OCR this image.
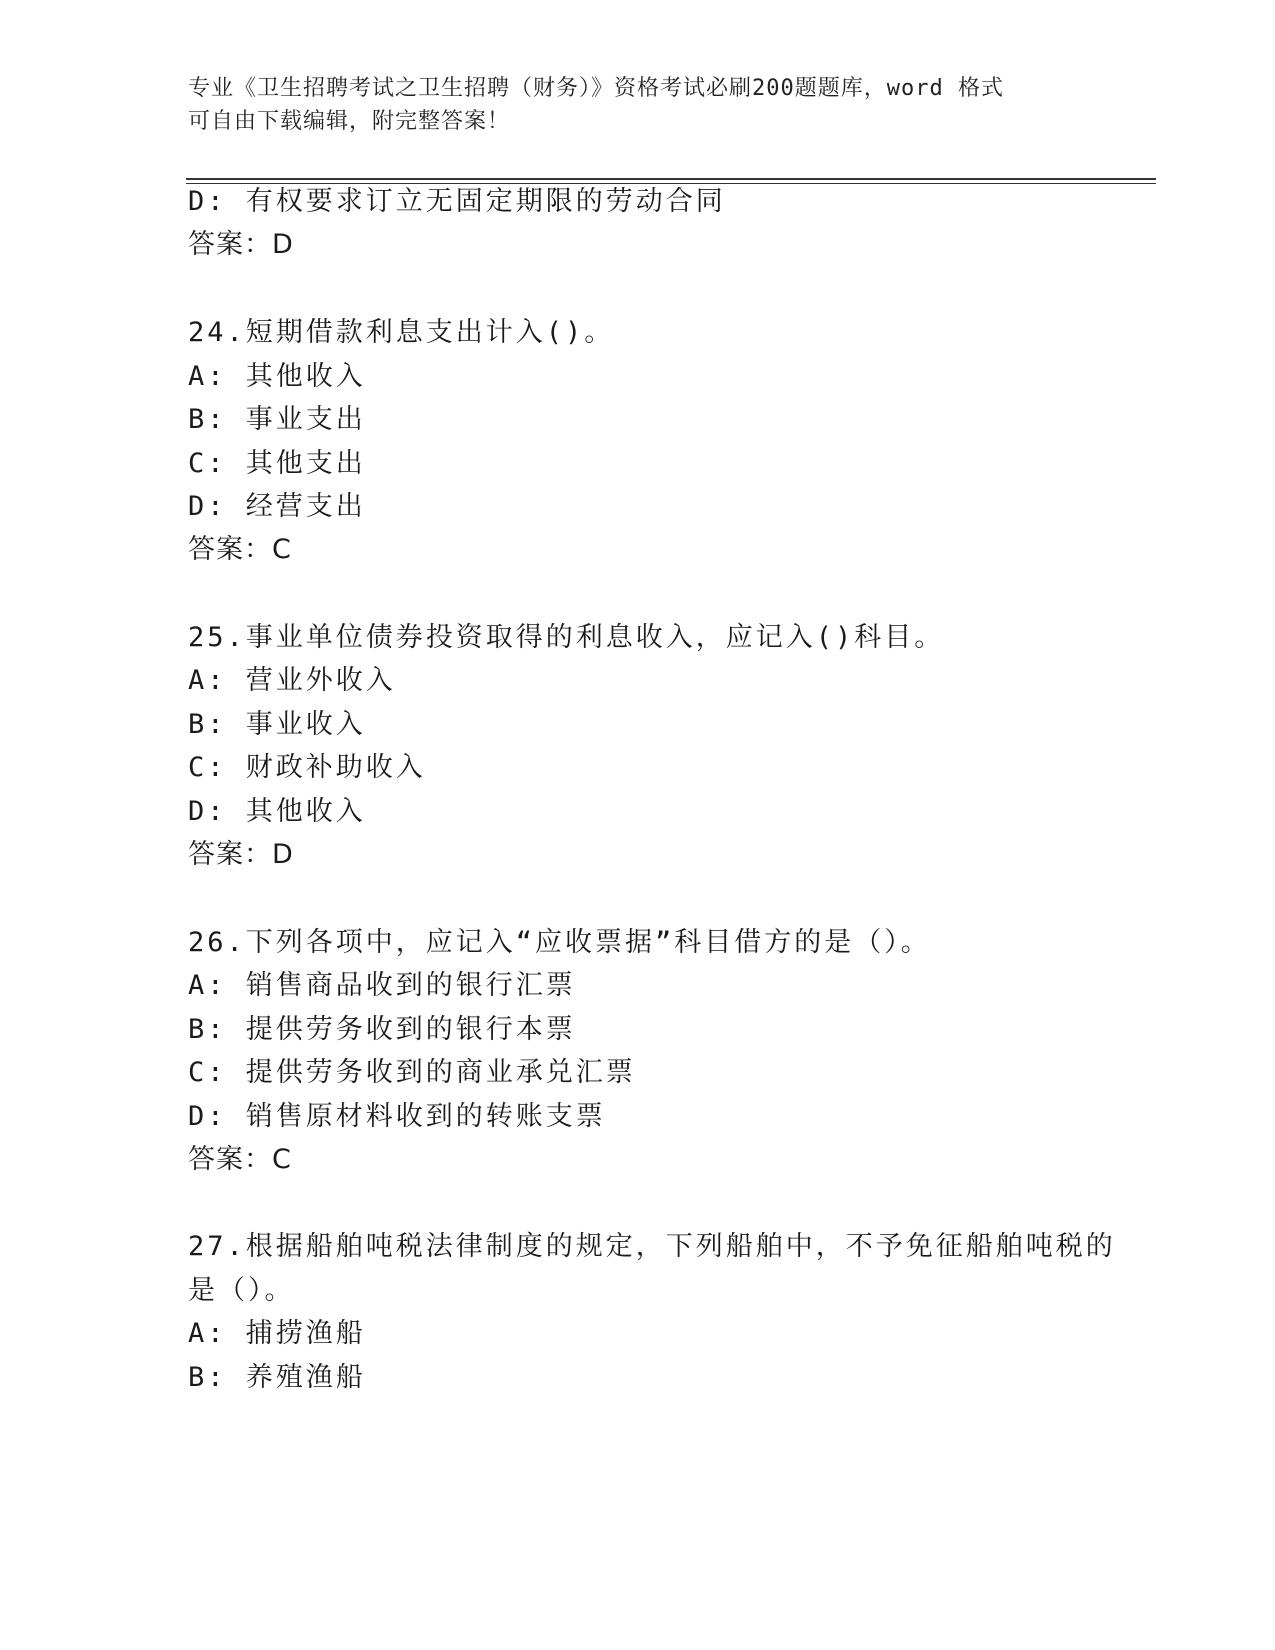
专业《卫生招聘考试之卫生招聘（财务）》资格考试必刷200题题库，word 格式
可自由下载编辑，附完整答案！
D: 有权要求订立无固定期限的劳动合同
答案：D
24.短期借款利息支出计入()。
A: 其他收入
B: 事业支出
C: 其他支出
D: 经营支出
答案：C
25.事业单位债券投资取得的利息收入，应记入()科目。
A: 营业外收入
B: 事业收入
C: 财政补助收入
D: 其他收入
答案：D
26.下列各项中，应记入“应收票据”科目借方的是（）。
A: 销售商品收到的银行汇票
B: 提供劳务收到的银行本票
C: 提供劳务收到的商业承兑汇票
D: 销售原材料收到的转账支票
答案：C
27.根据船舶吨税法律制度的规定，下列船舶中，不予免征船舶吨税的
是（）。
A: 捕捞渔船
B: 养殖渔船
